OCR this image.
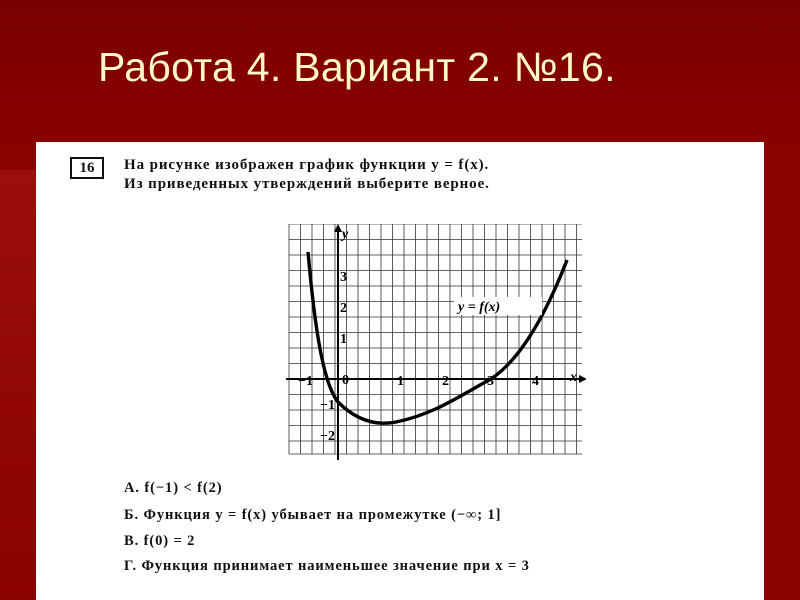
Работа 4. Вариант 2. №16.
16	На рисунке изображен график функции y = f(x).
Из приведенных утверждений выберите верное.
y
x
−1 0	1	2	3	4
3
2
1
−1
−2
y = f(x)
А. f(−1) < f(2)
Б. Функция y = f(x) убывает на промежутке (−∞; 1]
В. f(0) = 2
Г. Функция принимает наименьшее значение при x = 3
